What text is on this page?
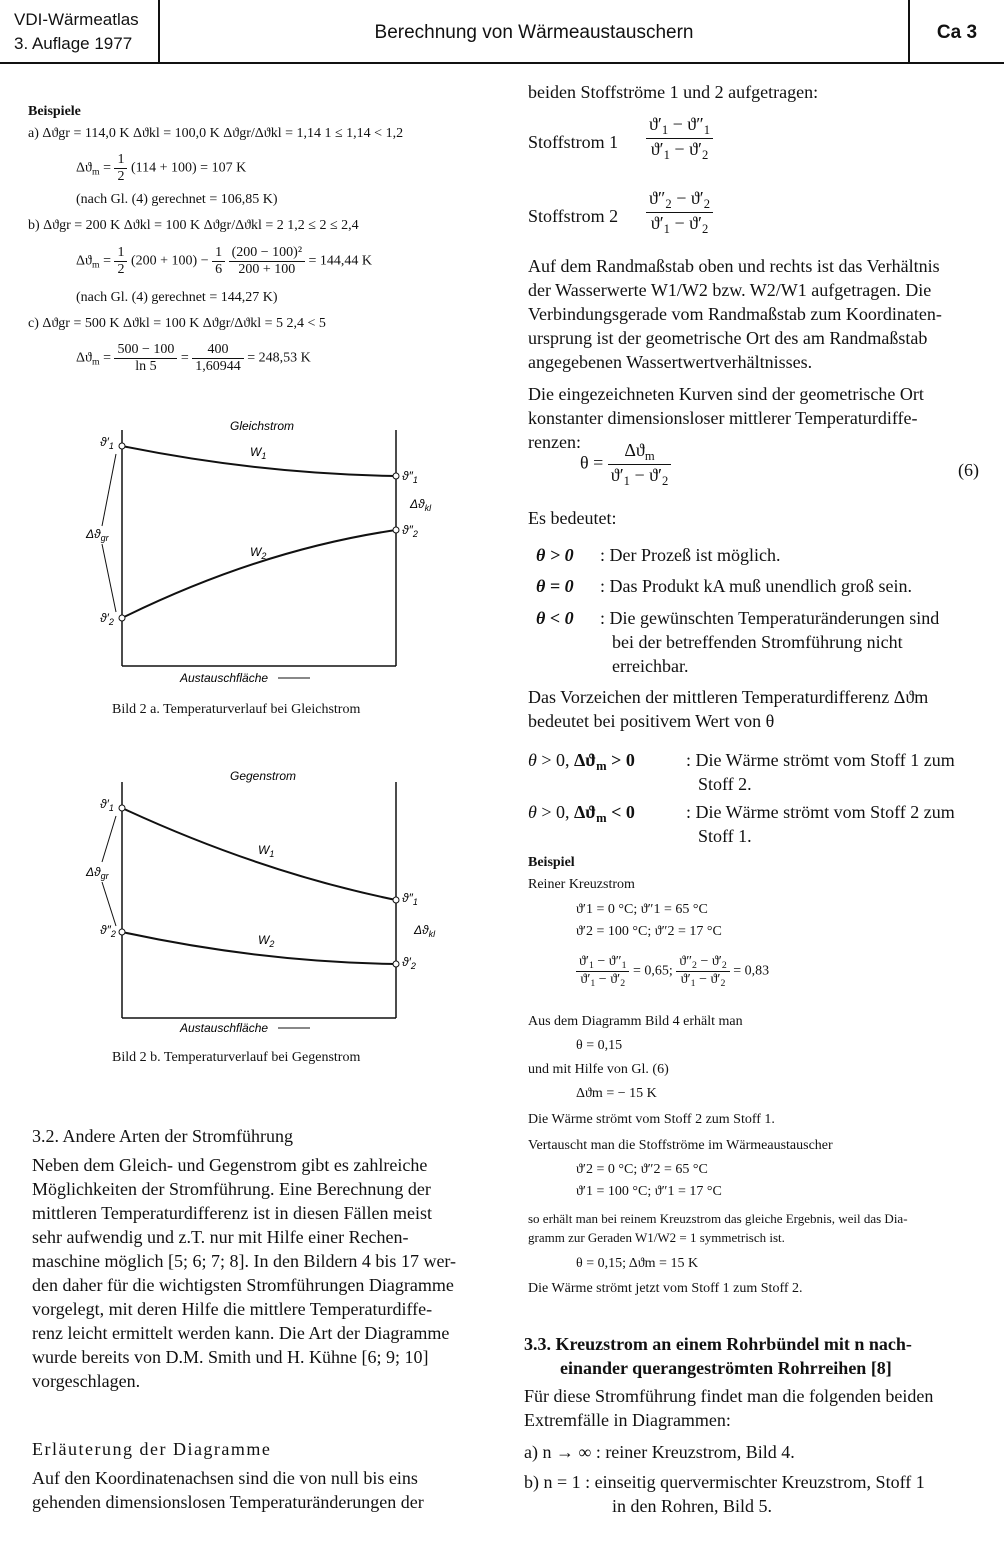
VDI-Wärmeatlas
3. Auflage 1977
Berechnung von Wärmeaustauschern	Ca 3
Beispiele
a) Δϑgr = 114,0 K Δϑkl = 100,0 K Δϑgr/Δϑkl = 1,14 1 ≤ 1,14 < 1,2
$\Delta ϑ_m = \frac{1}{2} (114 + 100) = 107$ K
(nach Gl. (4) gerechnet = 106,85 K)
b) Δϑgr = 200 K Δϑkl = 100 K Δϑgr/Δϑkl = 2 1,2 ≤ 2 ≤ 2,4
$\Delta ϑ_m = \frac{1}{2} (200 + 100) - \frac{1}{6}$
$\frac{\text{(200 − 100)²}}{200 + 100} = 144,44$ K
(nach Gl. (4) gerechnet = 144,27 K)
c) Δϑgr = 500 K Δϑkl = 100 K Δϑgr/Δϑkl = 5 2,4 < 5
$\Delta ϑ_m = \frac{500 - 100}{\ln 5} = \frac{400}{1,60944} = 248,53$ K
Gleichstrom
$W_1$
$W_2$
$ϑ'_1$
$ϑ''_1$
$ϑ'_2$
$ϑ''_2$
$\Delta ϑ_{gr}$
$\Delta ϑ_{kl}$
Austauschfläche
Bild 2 a. Temperaturverlauf bei Gleichstrom
Gegenstrom
$W_1$
$W_2$
$ϑ'_1$
$ϑ''_1$
$ϑ''_2$
$ϑ'_2$
$\Delta ϑ_{gr}$
$\Delta ϑ_{kl}$
Austauschfläche
Bild 2 b. Temperaturverlauf bei Gegenstrom
3.2. Andere Arten der Stromführung
Neben dem Gleich- und Gegenstrom gibt es zahlreiche
Möglichkeiten der Stromführung. Eine Berechnung der
mittleren Temperaturdifferenz ist in diesen Fällen meist
sehr aufwendig und z.T. nur mit Hilfe einer Rechen-
maschine möglich [5; 6; 7; 8]. In den Bildern 4 bis 17 wer-
den daher für die wichtigsten Stromführungen Diagramme
vorgelegt, mit deren Hilfe die mittlere Temperaturdiffe-
renz leicht ermittelt werden kann. Die Art der Diagramme
wurde bereits von D.M. Smith und H. Kühne [6; 9; 10]
vorgeschlagen.
Erläuterung der Diagramme
Auf den Koordinatenachsen sind die von null bis eins
gehenden dimensionslosen Temperaturänderungen der
beiden Stoffströme 1 und 2 aufgetragen:
Stoffstrom $1 \frac{ϑ'_1 - ϑ''_1}{ϑ'_1 - ϑ'_2}$
Stoffstrom $2 \frac{ϑ''_2 - ϑ'_2}{ϑ'_1 - ϑ'_2}$
Auf dem Randmaßstab oben und rechts ist das Verhältnis
der Wasserwerte W1/W2 bzw. W2/W1 aufgetragen. Die
Verbindungsgerade vom Randmaßstab zum Koordinaten-
ursprung ist der geometrische Ort des am Randmaßstab
angegebenen Wassertwertverhältnisses.
Die eingezeichneten Kurven sind der geometrische Ort
konstanter dimensionsloser mittlerer Temperaturdiffe-
renzen:
$\theta = \frac{\Delta ϑ_m}{ϑ'_1 - ϑ'_2}$	(6)
Es bedeutet:
θ > 0 : Der Prozeß ist möglich.
θ = 0 : Das Produkt kA muß unendlich groß sein.
θ < 0 : Die gewünschten Temperaturänderungen sind
bei der betreffenden Stromführung nicht
erreichbar.
Das Vorzeichen der mittleren Temperaturdifferenz Δϑm
bedeutet bei positivem Wert von θ
θ > 0, $\Delta ϑ_m > 0$	: Die Wärme strömt vom Stoff 1 zum
Stoff 2.
θ > 0, $\Delta ϑ_m < 0$	: Die Wärme strömt vom Stoff 2 zum
Stoff 1.
Beispiel
Reiner Kreuzstrom
ϑ′1 = 0 °C; ϑ″1 = 65 °C
ϑ′2 = 100 °C; ϑ″2 = 17 °C
$\frac{ϑ'_1 - ϑ''_1}{ϑ'_1 - ϑ'_2} = 0,65$; $\frac{ϑ''_2 - ϑ'_2}{ϑ'_1 - ϑ'_2} = 0,83$
Aus dem Diagramm Bild 4 erhält man
θ = 0,15
und mit Hilfe von Gl. (6)
Δϑm = − 15 K
Die Wärme strömt vom Stoff 2 zum Stoff 1.
Vertauscht man die Stoffströme im Wärmeaustauscher
ϑ′2 = 0 °C; ϑ″2 = 65 °C
ϑ′1 = 100 °C; ϑ″1 = 17 °C
so erhält man bei reinem Kreuzstrom das gleiche Ergebnis, weil das Dia-
gramm zur Geraden W1/W2 = 1 symmetrisch ist.
θ = 0,15; Δϑm = 15 K
Die Wärme strömt jetzt vom Stoff 1 zum Stoff 2.
3.3. Kreuzstrom an einem Rohrbündel mit n nach-
einander querangeströmten Rohrreihen [8]
Für diese Stromführung findet man die folgenden beiden
Extremfälle in Diagrammen:
a) n → ∞ : reiner Kreuzstrom, Bild 4.
b) n = 1 : einseitig quervermischter Kreuzstrom, Stoff 1
in den Rohren, Bild 5.
